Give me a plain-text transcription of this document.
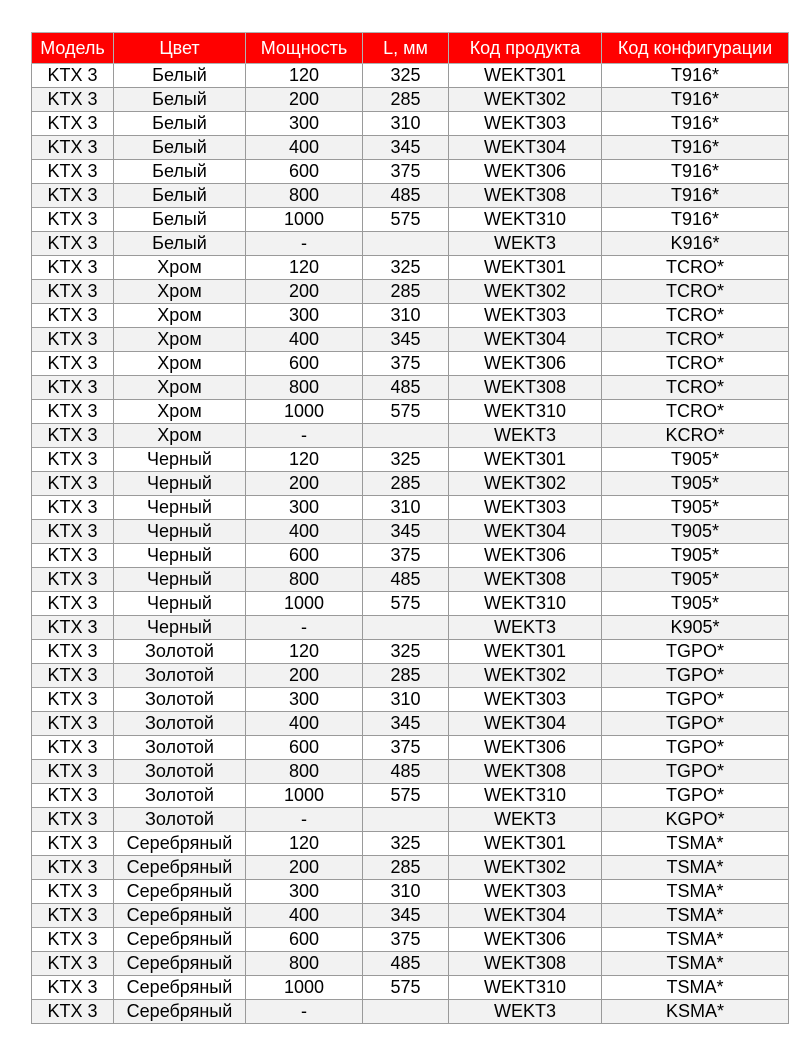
Модель	Цвет	Мощность	L, мм	Код продукта	Код конфигурации
KTX 3	Белый	120	325	WEKT301	T916*
KTX 3	Белый	200	285	WEKT302	T916*
KTX 3	Белый	300	310	WEKT303	T916*
KTX 3	Белый	400	345	WEKT304	T916*
KTX 3	Белый	600	375	WEKT306	T916*
KTX 3	Белый	800	485	WEKT308	T916*
KTX 3	Белый	1000	575	WEKT310	T916*
KTX 3	Белый	-		WEKT3	K916*
KTX 3	Хром	120	325	WEKT301	TCRO*
KTX 3	Хром	200	285	WEKT302	TCRO*
KTX 3	Хром	300	310	WEKT303	TCRO*
KTX 3	Хром	400	345	WEKT304	TCRO*
KTX 3	Хром	600	375	WEKT306	TCRO*
KTX 3	Хром	800	485	WEKT308	TCRO*
KTX 3	Хром	1000	575	WEKT310	TCRO*
KTX 3	Хром	-		WEKT3	KCRO*
KTX 3	Черный	120	325	WEKT301	T905*
KTX 3	Черный	200	285	WEKT302	T905*
KTX 3	Черный	300	310	WEKT303	T905*
KTX 3	Черный	400	345	WEKT304	T905*
KTX 3	Черный	600	375	WEKT306	T905*
KTX 3	Черный	800	485	WEKT308	T905*
KTX 3	Черный	1000	575	WEKT310	T905*
KTX 3	Черный	-		WEKT3	K905*
KTX 3	Золотой	120	325	WEKT301	TGPO*
KTX 3	Золотой	200	285	WEKT302	TGPO*
KTX 3	Золотой	300	310	WEKT303	TGPO*
KTX 3	Золотой	400	345	WEKT304	TGPO*
KTX 3	Золотой	600	375	WEKT306	TGPO*
KTX 3	Золотой	800	485	WEKT308	TGPO*
KTX 3	Золотой	1000	575	WEKT310	TGPO*
KTX 3	Золотой	-		WEKT3	KGPO*
KTX 3	Серебряный	120	325	WEKT301	TSMA*
KTX 3	Серебряный	200	285	WEKT302	TSMA*
KTX 3	Серебряный	300	310	WEKT303	TSMA*
KTX 3	Серебряный	400	345	WEKT304	TSMA*
KTX 3	Серебряный	600	375	WEKT306	TSMA*
KTX 3	Серебряный	800	485	WEKT308	TSMA*
KTX 3	Серебряный	1000	575	WEKT310	TSMA*
KTX 3	Серебряный	-		WEKT3	KSMA*
